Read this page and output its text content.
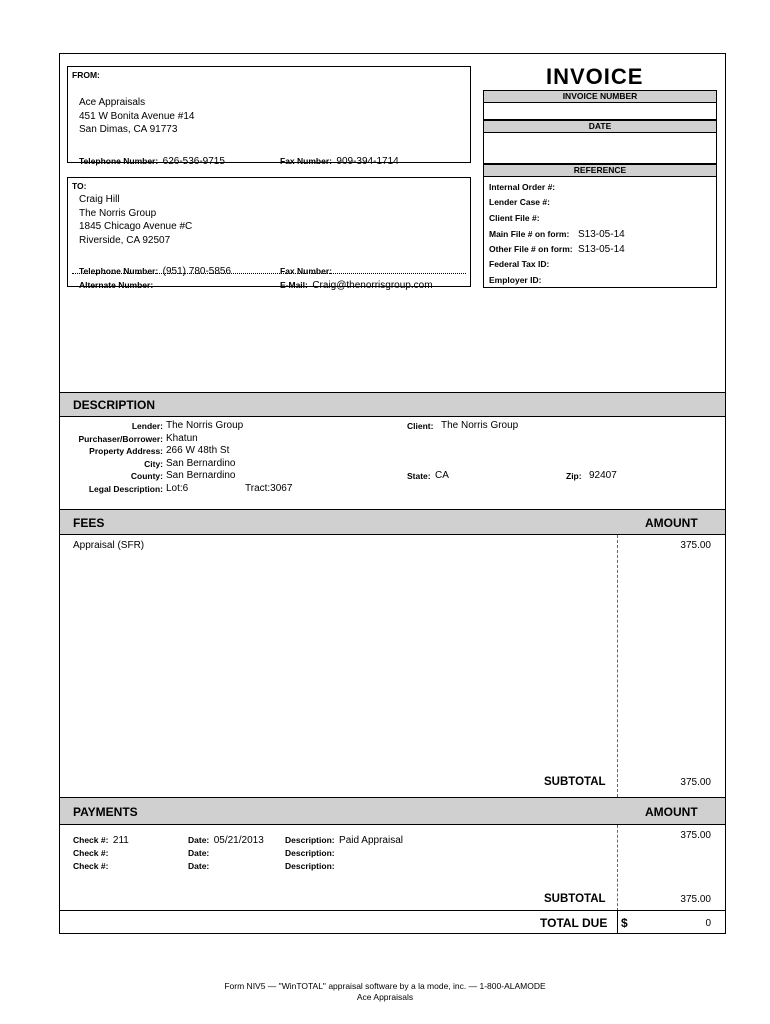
FROM:
Ace Appraisals
451 W Bonita Avenue #14
San Dimas, CA 91773
Telephone Number: 626-536-9715	Fax Number: 909-394-1714
TO:
Craig Hill
The Norris Group
1845 Chicago Avenue #C
Riverside, CA 92507
Telephone Number: (951) 780-5856	Fax Number:
Alternate Number:	E-Mail: Craig@thenorrisgroup.com
INVOICE
INVOICE NUMBER
DATE
REFERENCE
Internal Order #:
Lender Case #:
Client File #:
Main File # on form: S13-05-14
Other File # on form: S13-05-14
Federal Tax ID:
Employer ID:
DESCRIPTION
Lender: The Norris Group	Client: The Norris Group
Purchaser/Borrower: Khatun
Property Address: 266 W 48th St
City: San Bernardino
County: San Bernardino	State: CA	Zip: 92407
Legal Description: Lot:6	Tract:3067
FEES	AMOUNT
Appraisal (SFR)	375.00
SUBTOTAL	375.00
PAYMENTS	AMOUNT
Check #: 211	Date: 05/21/2013 Description: Paid Appraisal	375.00
Check #:	Date:	Description:
Check #:	Date:	Description:
SUBTOTAL	375.00
TOTAL DUE $	0
Form NIV5 — "WinTOTAL" appraisal software by a la mode, inc. — 1-800-ALAMODE
Ace Appraisals
